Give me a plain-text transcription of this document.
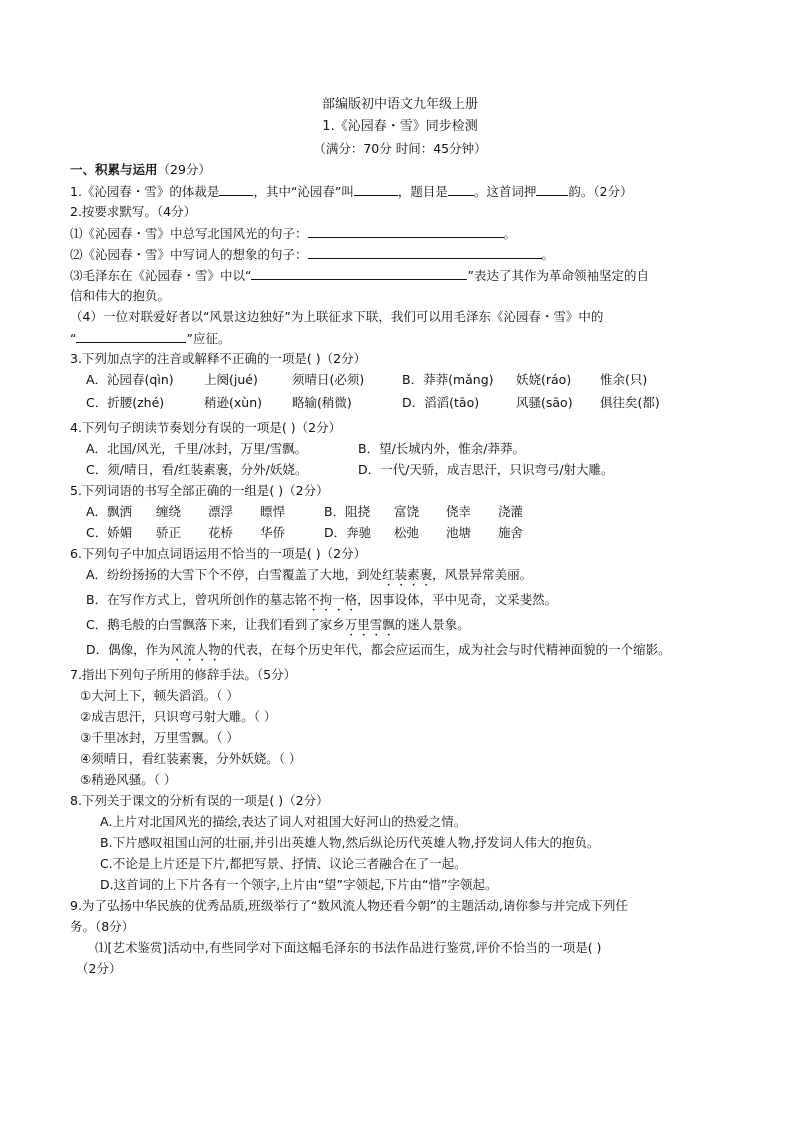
部编版初中语文九年级上册
1.《沁园春・雪》同步检测
（满分：70分 时间：45分钟）
一、积累与运用（29分）
1.《沁园春・雪》的体裁是	，其中“沁园春”叫	，题目是 。这首词押	韵。（2分）
2.按要求默写。（4分）
⑴《沁园春・雪》中总写北国风光的句子：	。
⑵《沁园春・雪》中写词人的想象的句子：	。
⑶毛泽东在《沁园春・雪》中以“	”表达了其作为革命领袖坚定的自
信和伟大的抱负。
（4）一位对联爱好者以“风景这边独好”为上联征求下联，我们可以用毛泽东《沁园春・雪》中的
“	”应征。
3.下列加点字的注音或解释不正确的一项是( )（2分）
A．沁园春(qìn) 上阕(jué)	须晴日(必须)	B．莽莽(mǎng) 妖娆(ráo) 惟余(只)
C．折腰(zhé)	稍逊(xùn) 略输(稍微)	D．滔滔(tāo)	风骚(sāo) 俱往矣(都)
4.下列句子朗读节奏划分有误的一项是( )（2分）
A．北国/风光，千里/冰封，万里/雪飘。	B．望/长城内外，惟余/莽莽。
C．须/晴日，看/红装素裹，分外/妖娆。	D．一代/天骄，成吉思汗，只识弯弓/射大雕。
5.下列词语的书写全部正确的一组是( )（2分）
A．飘洒 缠绕 漂浮 瞟悍	B．阻挠 富饶 侥幸 浇灌
C．娇媚 骄正 花桥 华侨	D．奔驰 松弛 池塘 施舍
6.下列句子中加点词语运用不恰当的一项是( )（2分）
A．纷纷扬扬的大雪下个不停，白雪覆盖了大地，到处红装素裹，风景异常美丽。
B．在写作方式上，曾巩所创作的墓志铭不拘一格，因事设体，平中见奇，文采斐然。
C．鹅毛般的白雪飘落下来，让我们看到了家乡万里雪飘的迷人景象。
D．偶像，作为风流人物的代表，在每个历史年代，都会应运而生，成为社会与时代精神面貌的一个缩影。
7.指出下列句子所用的修辞手法。（5分）
①大河上下，顿失滔滔。（ ）
②成吉思汗，只识弯弓射大雕。（ ）
③千里冰封，万里雪飘。（ ）
④须晴日，看红装素裹，分外妖娆。（ ）
⑤稍逊风骚。（ ）
8.下列关于课文的分析有误的一项是( )（2分）
A.上片对北国风光的描绘,表达了词人对祖国大好河山的热爱之情。
B.下片感叹祖国山河的壮丽,并引出英雄人物,然后纵论历代英雄人物,抒发词人伟大的抱负。
C.不论是上片还是下片,都把写景、抒情、议论三者融合在了一起。
D.这首词的上下片各有一个领字,上片由“望”字领起,下片由“惜”字领起。
9.为了弘扬中华民族的优秀品质,班级举行了“数风流人物还看今朝”的主题活动,请你参与并完成下列任
务。（8分）
⑴[艺术鉴赏]活动中,有些同学对下面这幅毛泽东的书法作品进行鉴赏,评价不恰当的一项是( )
（2分）
